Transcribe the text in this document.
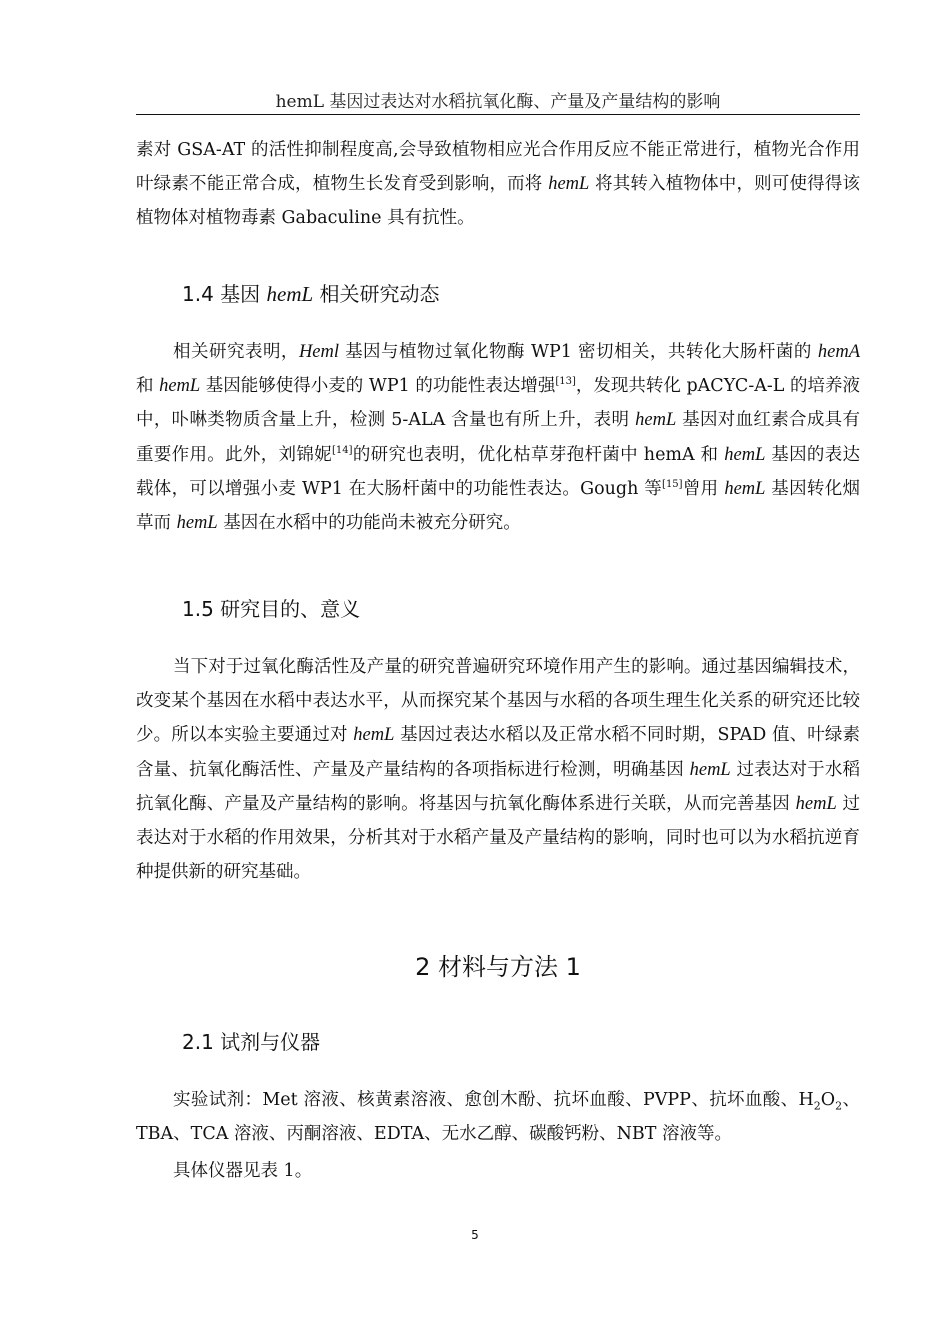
hemL 基因过表达对水稻抗氧化酶、产量及产量结构的影响

素对 GSA-AT 的活性抑制程度高,会导致植物相应光合作用反应不能正常进行，植物光合作用叶绿素不能正常合成，植物生长发育受到影响，而将 hemL 将其转入植物体中，则可使得得该植物体对植物毒素 Gabaculine 具有抗性。

1.4 基因 hemL 相关研究动态

相关研究表明，Heml 基因与植物过氧化物酶 WP1 密切相关，共转化大肠杆菌的 hemA 和 hemL 基因能够使得小麦的 WP1 的功能性表达增强[13]，发现共转化 pACYC-A-L 的培养液中，卟啉类物质含量上升，检测 5-ALA 含量也有所上升，表明 hemL 基因对血红素合成具有重要作用。此外，刘锦妮[14]的研究也表明，优化枯草芽孢杆菌中 hemA 和 hemL 基因的表达载体，可以增强小麦 WP1 在大肠杆菌中的功能性表达。Gough 等[15]曾用 hemL 基因转化烟草而 hemL 基因在水稻中的功能尚未被充分研究。

1.5 研究目的、意义

当下对于过氧化酶活性及产量的研究普遍研究环境作用产生的影响。通过基因编辑技术，改变某个基因在水稻中表达水平，从而探究某个基因与水稻的各项生理生化关系的研究还比较少。所以本实验主要通过对 hemL 基因过表达水稻以及正常水稻不同时期，SPAD 值、叶绿素含量、抗氧化酶活性、产量及产量结构的各项指标进行检测，明确基因 hemL 过表达对于水稻抗氧化酶、产量及产量结构的影响。将基因与抗氧化酶体系进行关联，从而完善基因 hemL 过表达对于水稻的作用效果，分析其对于水稻产量及产量结构的影响，同时也可以为水稻抗逆育种提供新的研究基础。

2 材料与方法 1
2.1 试剂与仪器

实验试剂：Met 溶液、核黄素溶液、愈创木酚、抗坏血酸、PVPP、抗坏血酸、$H_2O_2$、TBA、TCA 溶液、丙酮溶液、EDTA、无水乙醇、碳酸钙粉、NBT 溶液等。

具体仪器见表 1。

5
